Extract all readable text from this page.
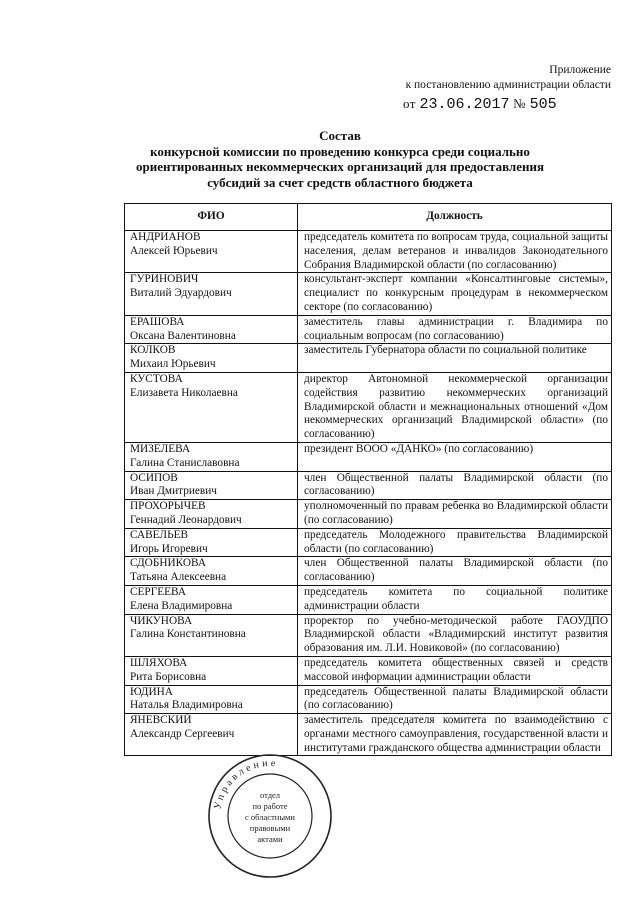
Приложение
к постановлению администрации области
от 23.06.2017 № 505
Состав
конкурсной комиссии по проведению конкурса среди социально
ориентированных некоммерческих организаций для предоставления
субсидий за счет средств областного бюджета
ФИО	Должность

АНДРИАНОВ
Алексей Юрьевич	председатель комитета по вопросам труда, социальной защиты населения, делам ветеранов и инвалидов Законодательного Собрания Владимирской области (по согласованию)

ГУРИНОВИЧ
Виталий Эдуардович	консультант-эксперт компании «Консалтинговые системы», специалист по конкурсным процедурам в некоммерческом секторе (по согласованию)

ЕРАШОВА
Оксана Валентиновна	заместитель главы администрации г. Владимира по социальным вопросам (по согласованию)

КОЛКОВ
Михаил Юрьевич	заместитель Губернатора области по социальной политике

КУСТОВА
Елизавета Николаевна	директор Автономной некоммерческой организации содействия развитию некоммерческих организаций Владимирской области и межнациональных отношений «Дом некоммерческих организаций Владимирской области» (по согласованию)

МИЗЕЛЕВА
Галина Станиславовна	президент ВООО «ДАНКО» (по согласованию)

ОСИПОВ
Иван Дмитриевич	член Общественной палаты Владимирской области (по согласованию)

ПРОХОРЫЧЕВ
Геннадий Леонардович	уполномоченный по правам ребенка во Владимирской области (по согласованию)

САВЕЛЬЕВ
Игорь Игоревич	председатель Молодежного правительства Владимирской области (по согласованию)

СДОБНИКОВА
Татьяна Алексеевна	член Общественной палаты Владимирской области (по согласованию)

СЕРГЕЕВА
Елена Владимировна	председатель комитета по социальной политике администрации области

ЧИКУНОВА
Галина Константиновна	проректор по учебно-методической работе ГАОУДПО Владимирской области «Владимирский институт развития образования им. Л.И. Новиковой» (по согласованию)

ШЛЯХОВА
Рита Борисовна	председатель комитета общественных связей и средств массовой информации администрации области

ЮДИНА
Наталья Владимировна	председатель Общественной палаты Владимирской области (по согласованию)

ЯНЕВСКИЙ
Александр Сергеевич	заместитель председателя комитета по взаимодействию с органами местного самоуправления, государственной власти и институтами гражданского общества администрации области
Управление
отдел
по работе
с областными
правовыми
актами
